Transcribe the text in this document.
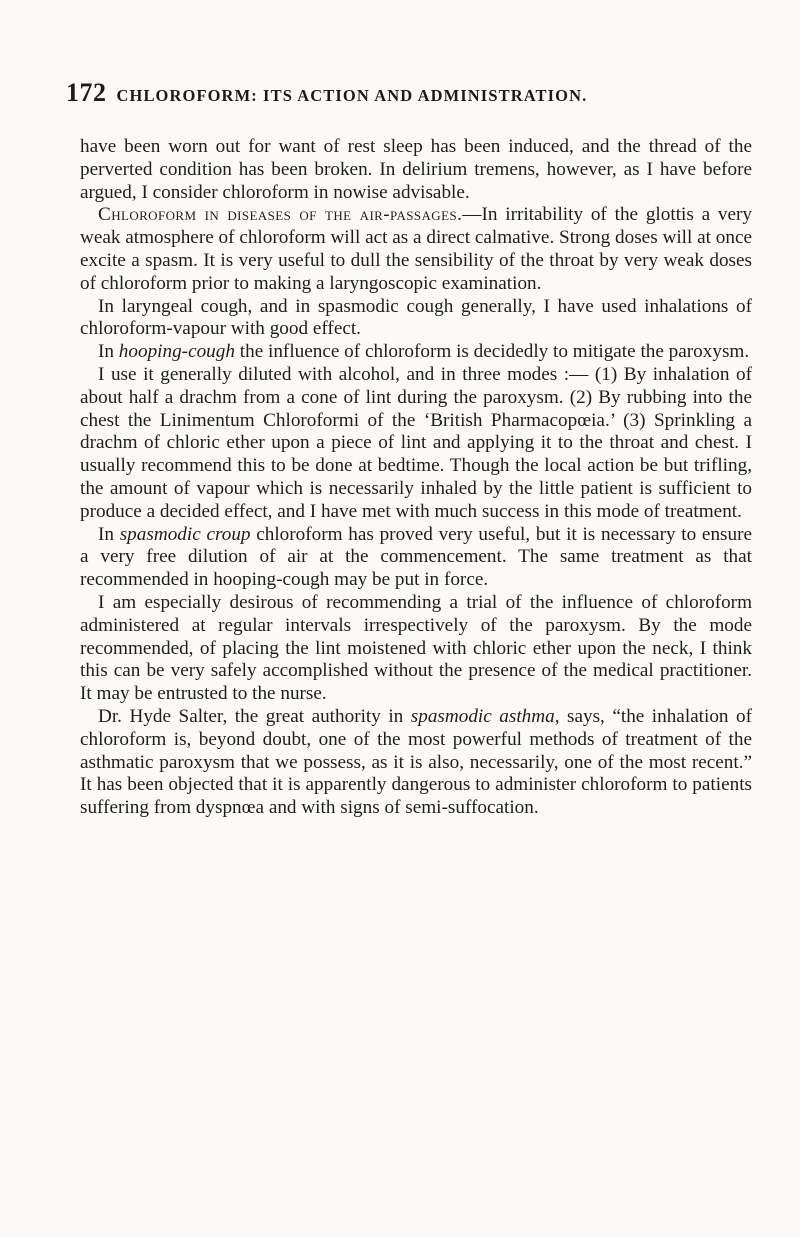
172 CHLOROFORM: ITS ACTION AND ADMINISTRATION.

have been worn out for want of rest sleep has been induced, and the thread of the perverted condition has been broken. In delirium tremens, however, as I have before argued, I consider chloroform in nowise advisable.

Chloroform in diseases of the air-passages.—In irritability of the glottis a very weak atmosphere of chloroform will act as a direct calmative. Strong doses will at once excite a spasm. It is very useful to dull the sensibility of the throat by very weak doses of chloroform prior to making a laryngoscopic examination.

In laryngeal cough, and in spasmodic cough generally, I have used inhalations of chloroform-vapour with good effect.

In hooping-cough the influence of chloroform is decidedly to mitigate the paroxysm.

I use it generally diluted with alcohol, and in three modes :— (1) By inhalation of about half a drachm from a cone of lint during the paroxysm. (2) By rubbing into the chest the Linimentum Chloroformi of the ‘British Pharmacopœia.’ (3) Sprinkling a drachm of chloric ether upon a piece of lint and applying it to the throat and chest. I usually recommend this to be done at bedtime. Though the local action be but trifling, the amount of vapour which is necessarily inhaled by the little patient is sufficient to produce a decided effect, and I have met with much success in this mode of treatment.

In spasmodic croup chloroform has proved very useful, but it is necessary to ensure a very free dilution of air at the commencement. The same treatment as that recommended in hooping-cough may be put in force.

I am especially desirous of recommending a trial of the influence of chloroform administered at regular intervals irrespectively of the paroxysm. By the mode recommended, of placing the lint moistened with chloric ether upon the neck, I think this can be very safely accomplished without the presence of the medical practitioner. It may be entrusted to the nurse.

Dr. Hyde Salter, the great authority in spasmodic asthma, says, “the inhalation of chloroform is, beyond doubt, one of the most powerful methods of treatment of the asthmatic paroxysm that we possess, as it is also, necessarily, one of the most recent.” It has been objected that it is apparently dangerous to administer chloroform to patients suffering from dyspnœa and with signs of semi-suffocation.
